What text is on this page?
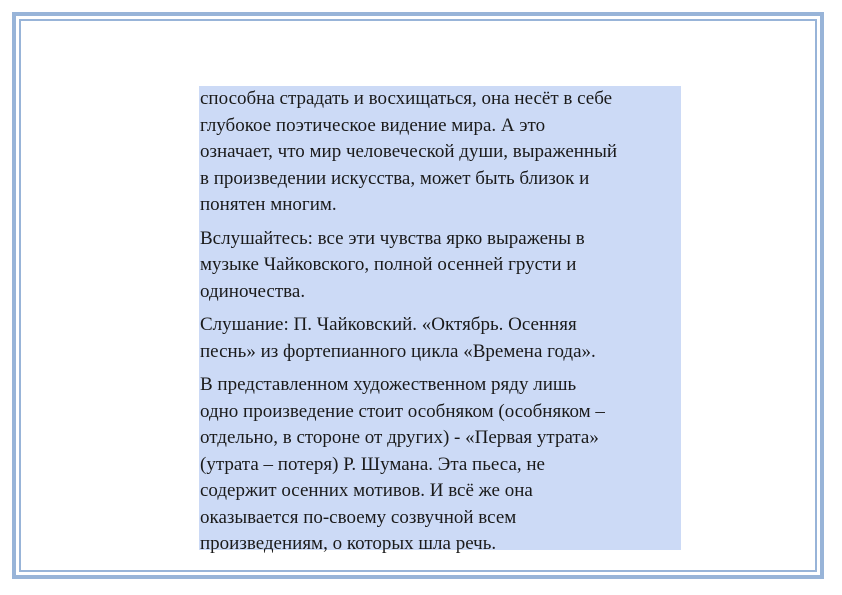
способна страдать и восхищаться, она несёт в себе
глубокое поэтическое видение мира. А это
означает, что мир человеческой души, выраженный
в произведении искусства, может быть близок и
понятен многим.

Вслушайтесь: все эти чувства ярко выражены в
музыке Чайковского, полной осенней грусти и
одиночества.

Слушание: П. Чайковский. «Октябрь. Осенняя
песнь» из фортепианного цикла «Времена года».

В представленном художественном ряду лишь
одно произведение стоит особняком (особняком –
отдельно, в стороне от других) - «Первая утрата»
(утрата – потеря) Р. Шумана. Эта пьеса, не
содержит осенних мотивов. И всё же она
оказывается по-своему созвучной всем
произведениям, о которых шла речь.
